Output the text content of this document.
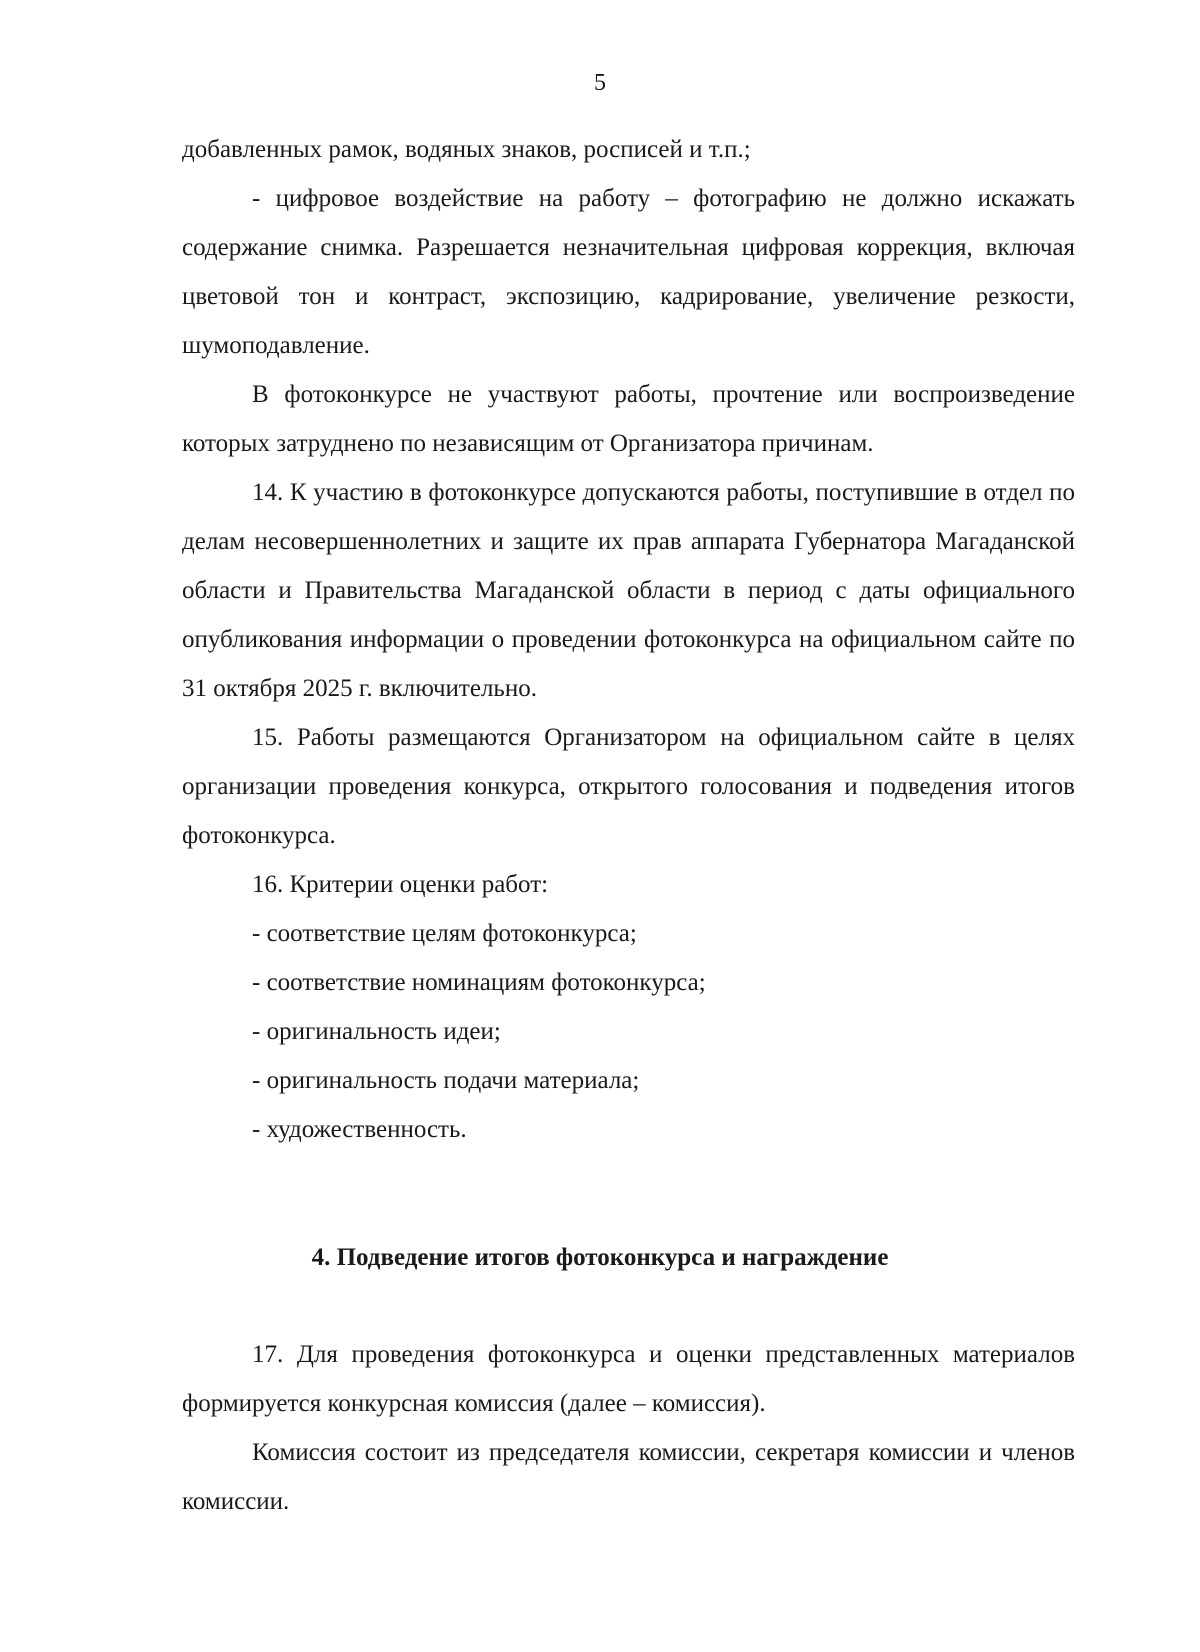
5

добавленных рамок, водяных знаков, росписей и т.п.;

- цифровое воздействие на работу – фотографию не должно искажать содержание снимка. Разрешается незначительная цифровая коррекция, включая цветовой тон и контраст, экспозицию, кадрирование, увеличение резкости, шумоподавление.

В фотоконкурсе не участвуют работы, прочтение или воспроизведение которых затруднено по независящим от Организатора причинам.

14. К участию в фотоконкурсе допускаются работы, поступившие в отдел по делам несовершеннолетних и защите их прав аппарата Губернатора Магаданской области и Правительства Магаданской области в период с даты официального опубликования информации о проведении фотоконкурса на официальном сайте по 31 октября 2025 г. включительно.

15. Работы размещаются Организатором на официальном сайте в целях организации проведения конкурса, открытого голосования и подведения итогов фотоконкурса.

16. Критерии оценки работ:

- соответствие целям фотоконкурса;

- соответствие номинациям фотоконкурса;

- оригинальность идеи;

- оригинальность подачи материала;

- художественность.

4. Подведение итогов фотоконкурса и награждение

17. Для проведения фотоконкурса и оценки представленных материалов формируется конкурсная комиссия (далее – комиссия).

Комиссия состоит из председателя комиссии, секретаря комиссии и членов комиссии.
